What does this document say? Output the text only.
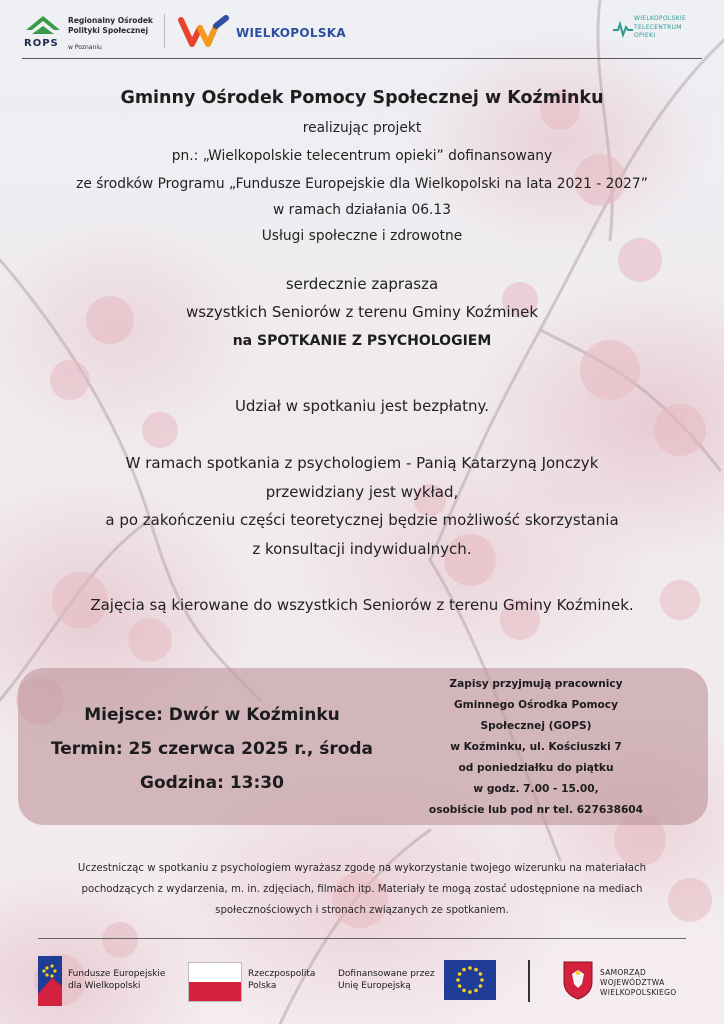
ROPS
Regionalny Ośrodek
Polityki Społecznej
w Poznaniu
WIELKOPOLSKA
WIELKOPOLSKIE
TELECENTRUM
OPIEKI
Gminny Ośrodek Pomocy Społecznej w Koźminku
realizując projekt
pn.: „Wielkopolskie telecentrum opieki” dofinansowany
ze środków Programu „Fundusze Europejskie dla Wielkopolski na lata 2021 - 2027”
w ramach działania 06.13
Usługi społeczne i zdrowotne
serdecznie zaprasza
wszystkich Seniorów z terenu Gminy Koźminek
na SPOTKANIE Z PSYCHOLOGIEM
Udział w spotkaniu jest bezpłatny.
W ramach spotkania z psychologiem - Panią Katarzyną Jonczyk
przewidziany jest wykład,
a po zakończeniu części teoretycznej będzie możliwość skorzystania
z konsultacji indywidualnych.
Zajęcia są kierowane do wszystkich Seniorów z terenu Gminy Koźminek.
Miejsce: Dwór w Koźminku
Termin: 25 czerwca 2025 r., środa
Godzina: 13:30
Zapisy przyjmują pracownicy
Gminnego Ośrodka Pomocy
Społecznej (GOPS)
w Koźminku, ul. Kościuszki 7
od poniedziałku do piątku
w godz. 7.00 - 15.00,
osobiście lub pod nr tel. 627638604
Uczestnicząc w spotkaniu z psychologiem wyrażasz zgodę na wykorzystanie twojego wizerunku na materiałach
pochodzących z wydarzenia, m. in. zdjęciach, filmach itp. Materiały te mogą zostać udostępnione na mediach
społecznościowych i stronach związanych ze spotkaniem.
Fundusze Europejskie
dla Wielkopolski
Rzeczpospolita
Polska
Dofinansowane przez
Unię Europejską
SAMORZĄD
WOJEWÓDZTWA
WIELKOPOLSKIEGO
